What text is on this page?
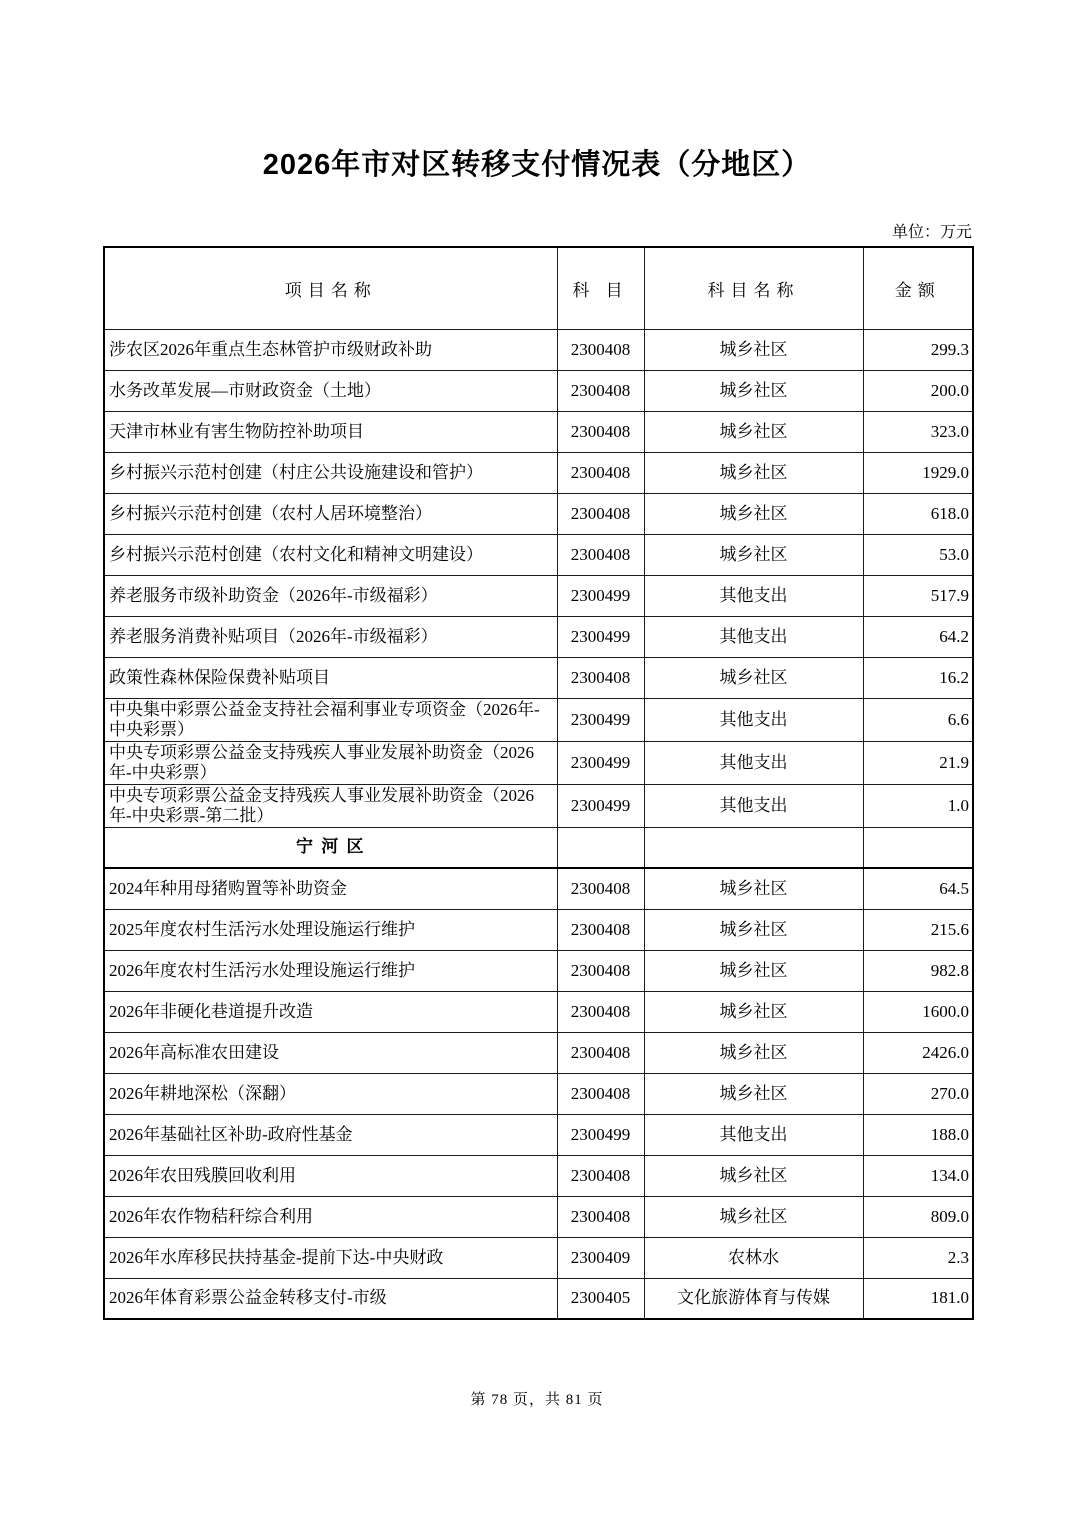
2026年市对区转移支付情况表（分地区）
单位：万元
项目名称	科 目	科目名称	金额
涉农区2026年重点生态林管护市级财政补助	2300408	城乡社区	299.3
水务改革发展—市财政资金（土地）	2300408	城乡社区	200.0
天津市林业有害生物防控补助项目	2300408	城乡社区	323.0
乡村振兴示范村创建（村庄公共设施建设和管护）	2300408	城乡社区	1929.0
乡村振兴示范村创建（农村人居环境整治）	2300408	城乡社区	618.0
乡村振兴示范村创建（农村文化和精神文明建设）	2300408	城乡社区	53.0
养老服务市级补助资金（2026年-市级福彩）	2300499	其他支出	517.9
养老服务消费补贴项目（2026年-市级福彩）	2300499	其他支出	64.2
政策性森林保险保费补贴项目	2300408	城乡社区	16.2
中央集中彩票公益金支持社会福利事业专项资金（2026年-中央彩票）	2300499	其他支出	6.6
中央专项彩票公益金支持残疾人事业发展补助资金（2026年-中央彩票）	2300499	其他支出	21.9
中央专项彩票公益金支持残疾人事业发展补助资金（2026年-中央彩票-第二批）	2300499	其他支出	1.0
宁 河 区			
2024年种用母猪购置等补助资金	2300408	城乡社区	64.5
2025年度农村生活污水处理设施运行维护	2300408	城乡社区	215.6
2026年度农村生活污水处理设施运行维护	2300408	城乡社区	982.8
2026年非硬化巷道提升改造	2300408	城乡社区	1600.0
2026年高标准农田建设	2300408	城乡社区	2426.0
2026年耕地深松（深翻）	2300408	城乡社区	270.0
2026年基础社区补助-政府性基金	2300499	其他支出	188.0
2026年农田残膜回收利用	2300408	城乡社区	134.0
2026年农作物秸秆综合利用	2300408	城乡社区	809.0
2026年水库移民扶持基金-提前下达-中央财政	2300409	农林水	2.3
2026年体育彩票公益金转移支付-市级	2300405	文化旅游体育与传媒	181.0
第 78 页，共 81 页
